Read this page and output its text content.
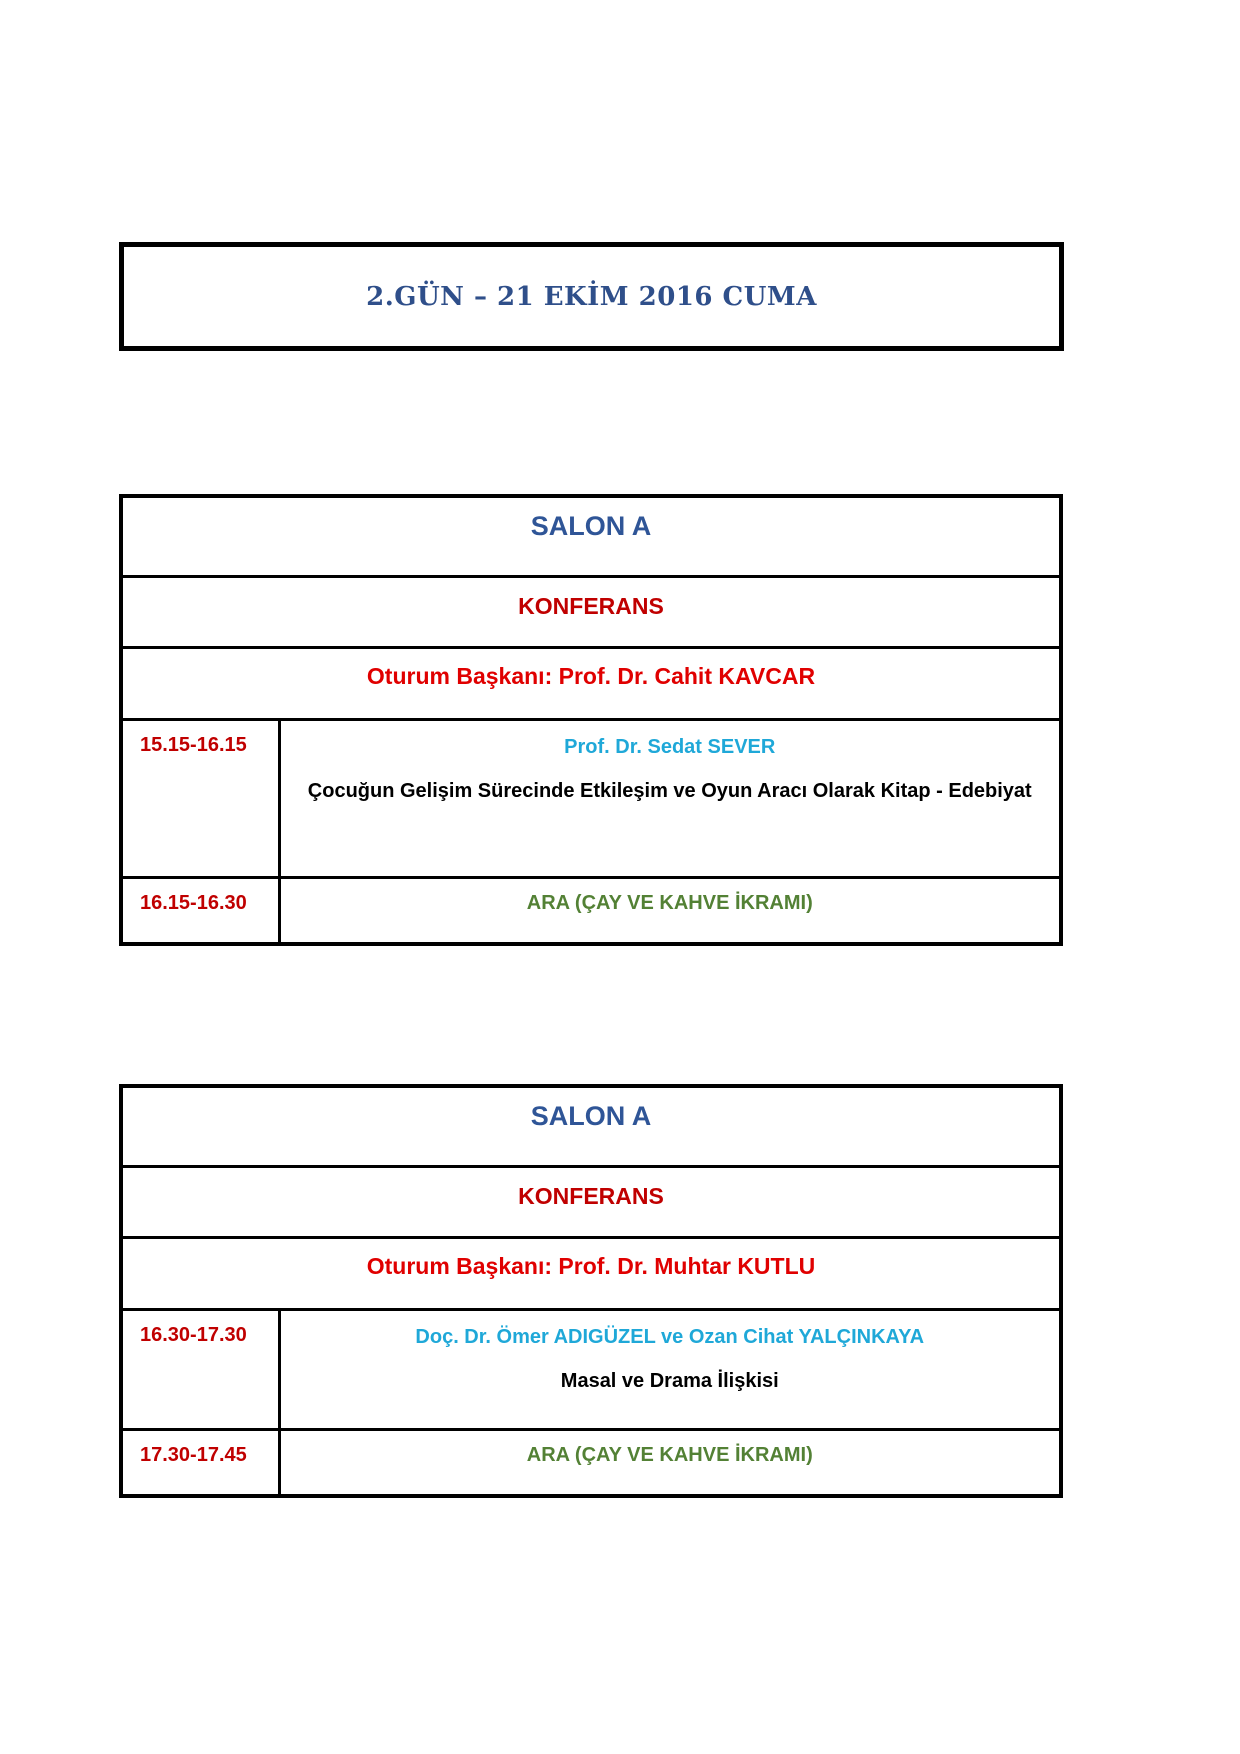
2.GÜN – 21 EKİM 2016 CUMA
SALON A	
KONFERANS	
Oturum Başkanı: Prof. Dr. Cahit KAVCAR	
15.15-16.15	Prof. Dr. Sedat SEVER
Çocuğun Gelişim Sürecinde Etkileşim ve Oyun Aracı Olarak Kitap - Edebiyat

16.15-16.30	ARA (ÇAY VE KAHVE İKRAMI)
SALON A	
KONFERANS	
Oturum Başkanı: Prof. Dr. Muhtar KUTLU	
16.30-17.30	Doç. Dr. Ömer ADIGÜZEL ve Ozan Cihat YALÇINKAYA
Masal ve Drama İlişkisi

17.30-17.45	ARA (ÇAY VE KAHVE İKRAMI)
